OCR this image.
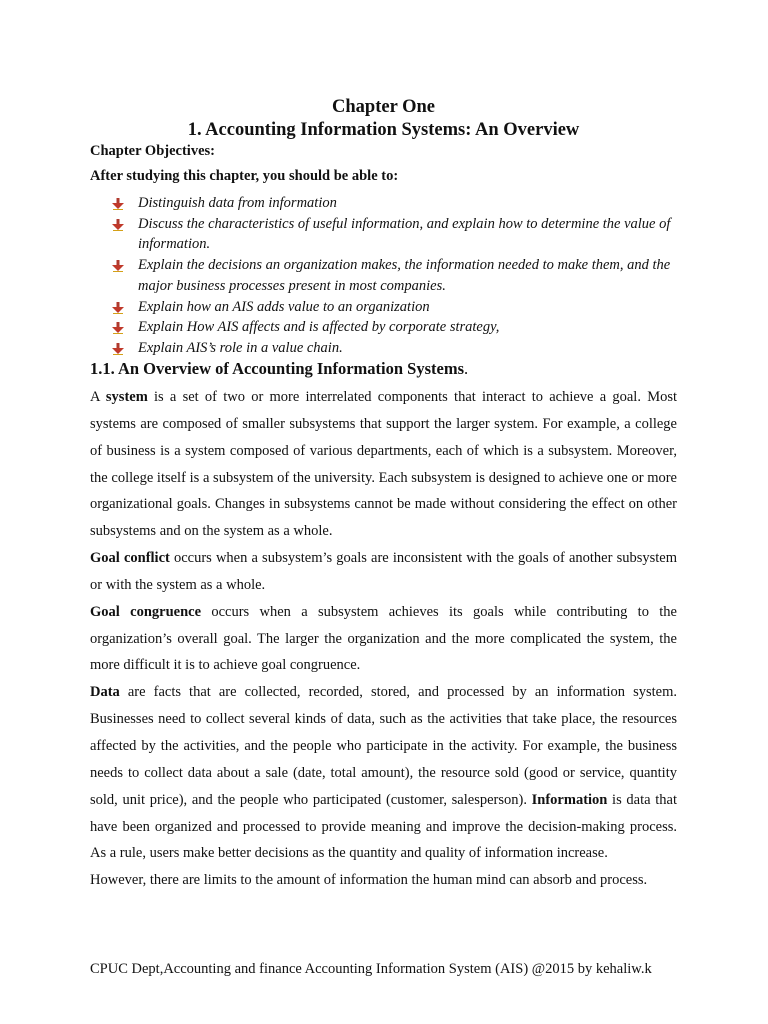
Chapter One
1. Accounting Information Systems: An Overview
Chapter Objectives:
After studying this chapter, you should be able to:
Distinguish data from information
Discuss the characteristics of useful information, and explain how to determine the value of information.
Explain the decisions an organization makes, the information needed to make them, and the major business processes present in most companies.
Explain how an AIS adds value to an organization
Explain How AIS affects and is affected by corporate strategy,
Explain AIS’s role in a value chain.
1.1. An Overview of Accounting Information Systems.

A system is a set of two or more interrelated components that interact to achieve a goal. Most systems are composed of smaller subsystems that support the larger system. For example, a college of business is a system composed of various departments, each of which is a subsystem. Moreover, the college itself is a subsystem of the university. Each subsystem is designed to achieve one or more organizational goals. Changes in subsystems cannot be made without considering the effect on other subsystems and on the system as a whole.

Goal conflict occurs when a subsystem’s goals are inconsistent with the goals of another subsystem or with the system as a whole.

Goal congruence occurs when a subsystem achieves its goals while contributing to the organization’s overall goal. The larger the organization and the more complicated the system, the more difficult it is to achieve goal congruence.

Data are facts that are collected, recorded, stored, and processed by an information system. Businesses need to collect several kinds of data, such as the activities that take place, the resources affected by the activities, and the people who participate in the activity. For example, the business needs to collect data about a sale (date, total amount), the resource sold (good or service, quantity sold, unit price), and the people who participated (customer, salesperson). Information is data that have been organized and processed to provide meaning and improve the decision-making process. As a rule, users make better decisions as the quantity and quality of information increase.

However, there are limits to the amount of information the human mind can absorb and process.

CPUC Dept,Accounting and finance Accounting Information System (AIS) @2015 by kehaliw.k
